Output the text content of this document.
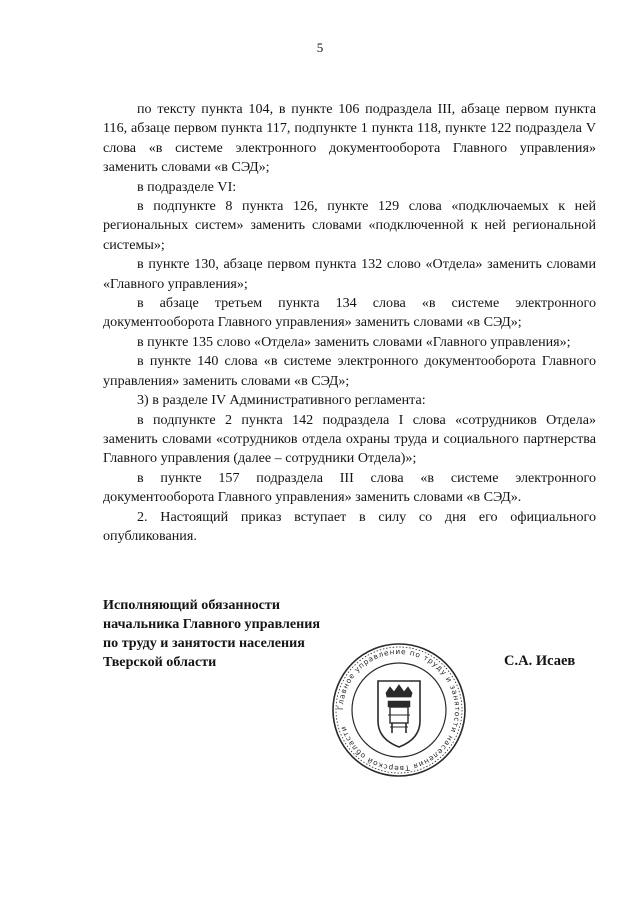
5

по тексту пункта 104, в пункте 106 подраздела III, абзаце первом пункта 116, абзаце первом пункта 117, подпункте 1 пункта 118, пункте 122 подраздела V слова «в системе электронного документооборота Главного управления» заменить словами «в СЭД»;

в подразделе VI:

в подпункте 8 пункта 126, пункте 129 слова «подключаемых к ней региональных систем» заменить словами «подключенной к ней региональной системы»;

в пункте 130, абзаце первом пункта 132 слово «Отдела» заменить словами «Главного управления»;

в абзаце третьем пункта 134 слова «в системе электронного документооборота Главного управления» заменить словами «в СЭД»;

в пункте 135 слово «Отдела» заменить словами «Главного управления»;

в пункте 140 слова «в системе электронного документооборота Главного управления» заменить словами «в СЭД»;

3) в разделе IV Административного регламента:

в подпункте 2 пункта 142 подраздела I слова «сотрудников Отдела» заменить словами «сотрудников отдела охраны труда и социального партнерства Главного управления (далее – сотрудники Отдела)»;

в пункте 157 подраздела III слова «в системе электронного документооборота Главного управления» заменить словами «в СЭД».

2. Настоящий приказ вступает в силу со дня его официального опубликования.

Исполняющий обязанности
начальника Главного управления
по труду и занятости населения
Тверской области	С.А. Исаев
Главное управление по труду и занятости населения Тверской области
